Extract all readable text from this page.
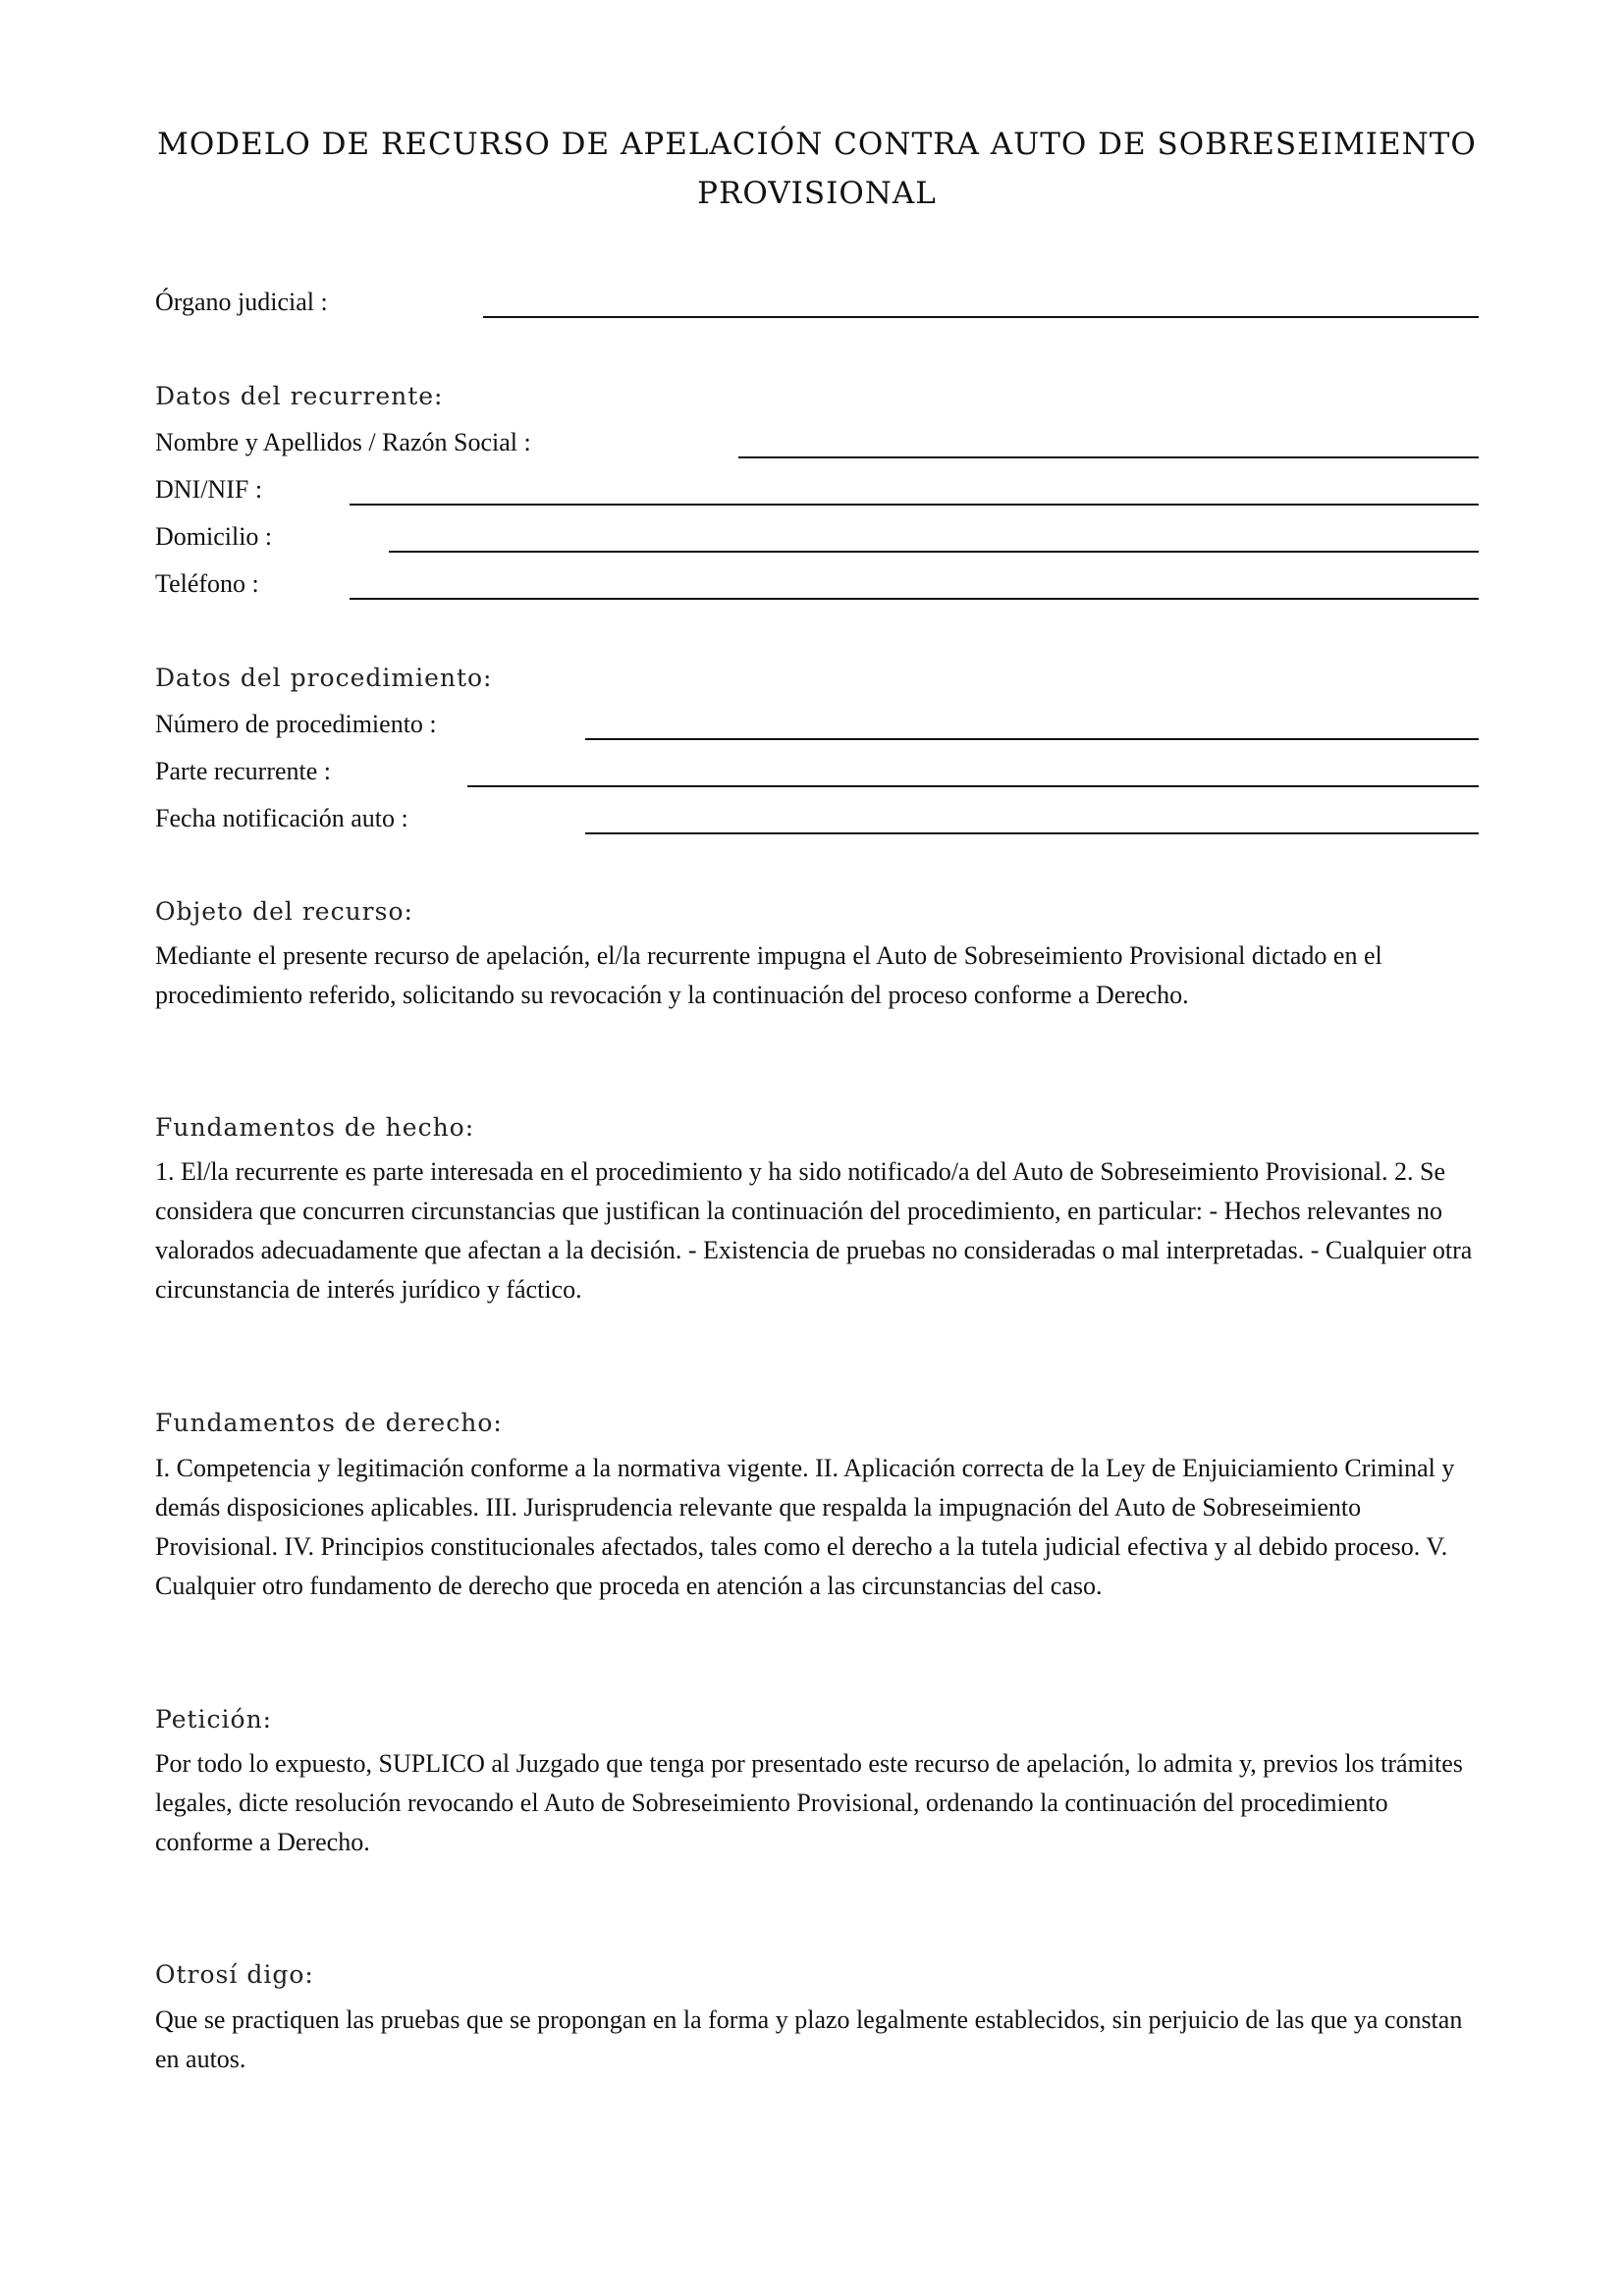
MODELO DE RECURSO DE APELACIÓN CONTRA AUTO DE SOBRESEIMIENTO PROVISIONAL
Órgano judicial :
Datos del recurrente:
Nombre y Apellidos / Razón Social :
DNI/NIF :
Domicilio :
Teléfono :
Datos del procedimiento:
Número de procedimiento :
Parte recurrente :
Fecha notificación auto :
Objeto del recurso:

Mediante el presente recurso de apelación, el/la recurrente impugna el Auto de Sobreseimiento Provisional dictado en el procedimiento referido, solicitando su revocación y la continuación del proceso conforme a Derecho.

Fundamentos de hecho:

1. El/la recurrente es parte interesada en el procedimiento y ha sido notificado/a del Auto de Sobreseimiento Provisional. 2. Se considera que concurren circunstancias que justifican la continuación del procedimiento, en particular: - Hechos relevantes no valorados adecuadamente que afectan a la decisión. - Existencia de pruebas no consideradas o mal interpretadas. - Cualquier otra circunstancia de interés jurídico y fáctico.

Fundamentos de derecho:

I. Competencia y legitimación conforme a la normativa vigente. II. Aplicación correcta de la Ley de Enjuiciamiento Criminal y demás disposiciones aplicables. III. Jurisprudencia relevante que respalda la impugnación del Auto de Sobreseimiento Provisional. IV. Principios constitucionales afectados, tales como el derecho a la tutela judicial efectiva y al debido proceso. V. Cualquier otro fundamento de derecho que proceda en atención a las circunstancias del caso.

Petición:

Por todo lo expuesto, SUPLICO al Juzgado que tenga por presentado este recurso de apelación, lo admita y, previos los trámites legales, dicte resolución revocando el Auto de Sobreseimiento Provisional, ordenando la continuación del procedimiento conforme a Derecho.

Otrosí digo:

Que se practiquen las pruebas que se propongan en la forma y plazo legalmente establecidos, sin perjuicio de las que ya constan en autos.
